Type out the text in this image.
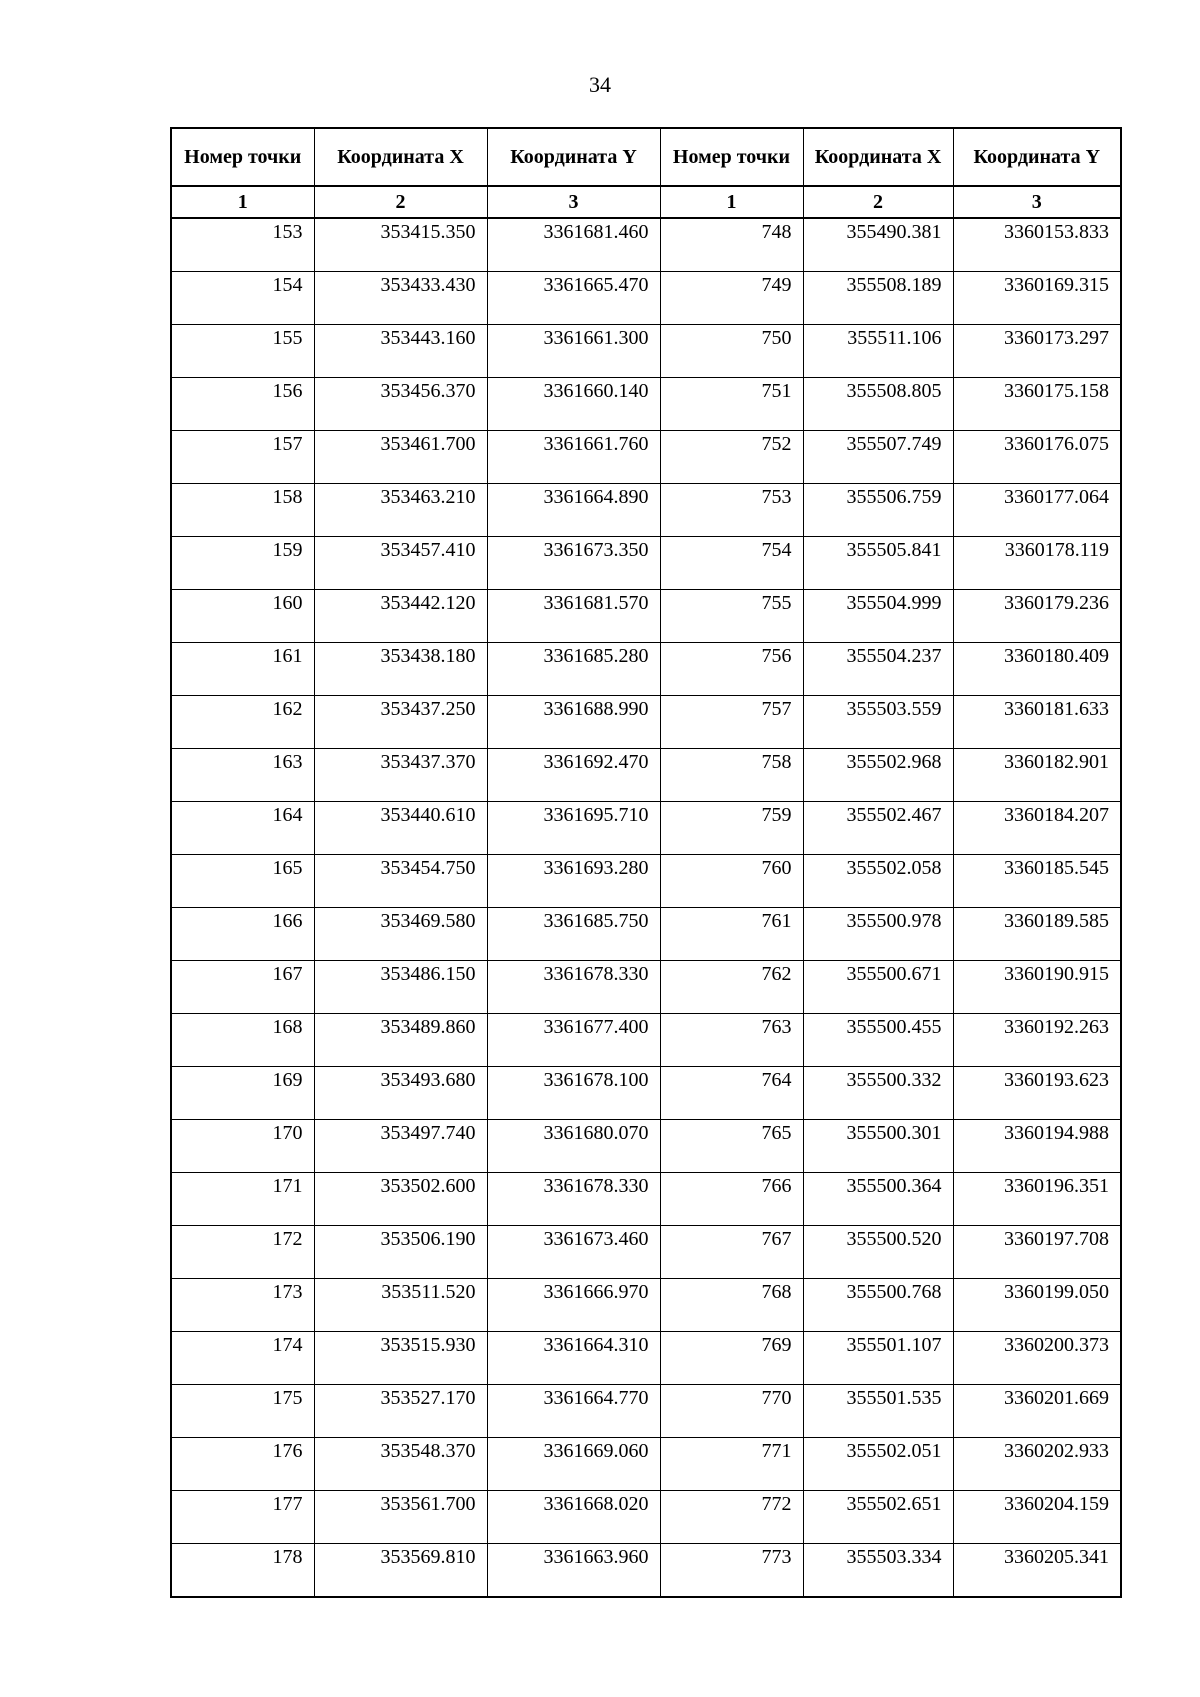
34
Номер точки	Координата X	Координата Y	Номер точки	Координата X	Координата Y
1	2	3	1	2	3
153	353415.350	3361681.460	748	355490.381	3360153.833
154	353433.430	3361665.470	749	355508.189	3360169.315
155	353443.160	3361661.300	750	355511.106	3360173.297
156	353456.370	3361660.140	751	355508.805	3360175.158
157	353461.700	3361661.760	752	355507.749	3360176.075
158	353463.210	3361664.890	753	355506.759	3360177.064
159	353457.410	3361673.350	754	355505.841	3360178.119
160	353442.120	3361681.570	755	355504.999	3360179.236
161	353438.180	3361685.280	756	355504.237	3360180.409
162	353437.250	3361688.990	757	355503.559	3360181.633
163	353437.370	3361692.470	758	355502.968	3360182.901
164	353440.610	3361695.710	759	355502.467	3360184.207
165	353454.750	3361693.280	760	355502.058	3360185.545
166	353469.580	3361685.750	761	355500.978	3360189.585
167	353486.150	3361678.330	762	355500.671	3360190.915
168	353489.860	3361677.400	763	355500.455	3360192.263
169	353493.680	3361678.100	764	355500.332	3360193.623
170	353497.740	3361680.070	765	355500.301	3360194.988
171	353502.600	3361678.330	766	355500.364	3360196.351
172	353506.190	3361673.460	767	355500.520	3360197.708
173	353511.520	3361666.970	768	355500.768	3360199.050
174	353515.930	3361664.310	769	355501.107	3360200.373
175	353527.170	3361664.770	770	355501.535	3360201.669
176	353548.370	3361669.060	771	355502.051	3360202.933
177	353561.700	3361668.020	772	355502.651	3360204.159
178	353569.810	3361663.960	773	355503.334	3360205.341
